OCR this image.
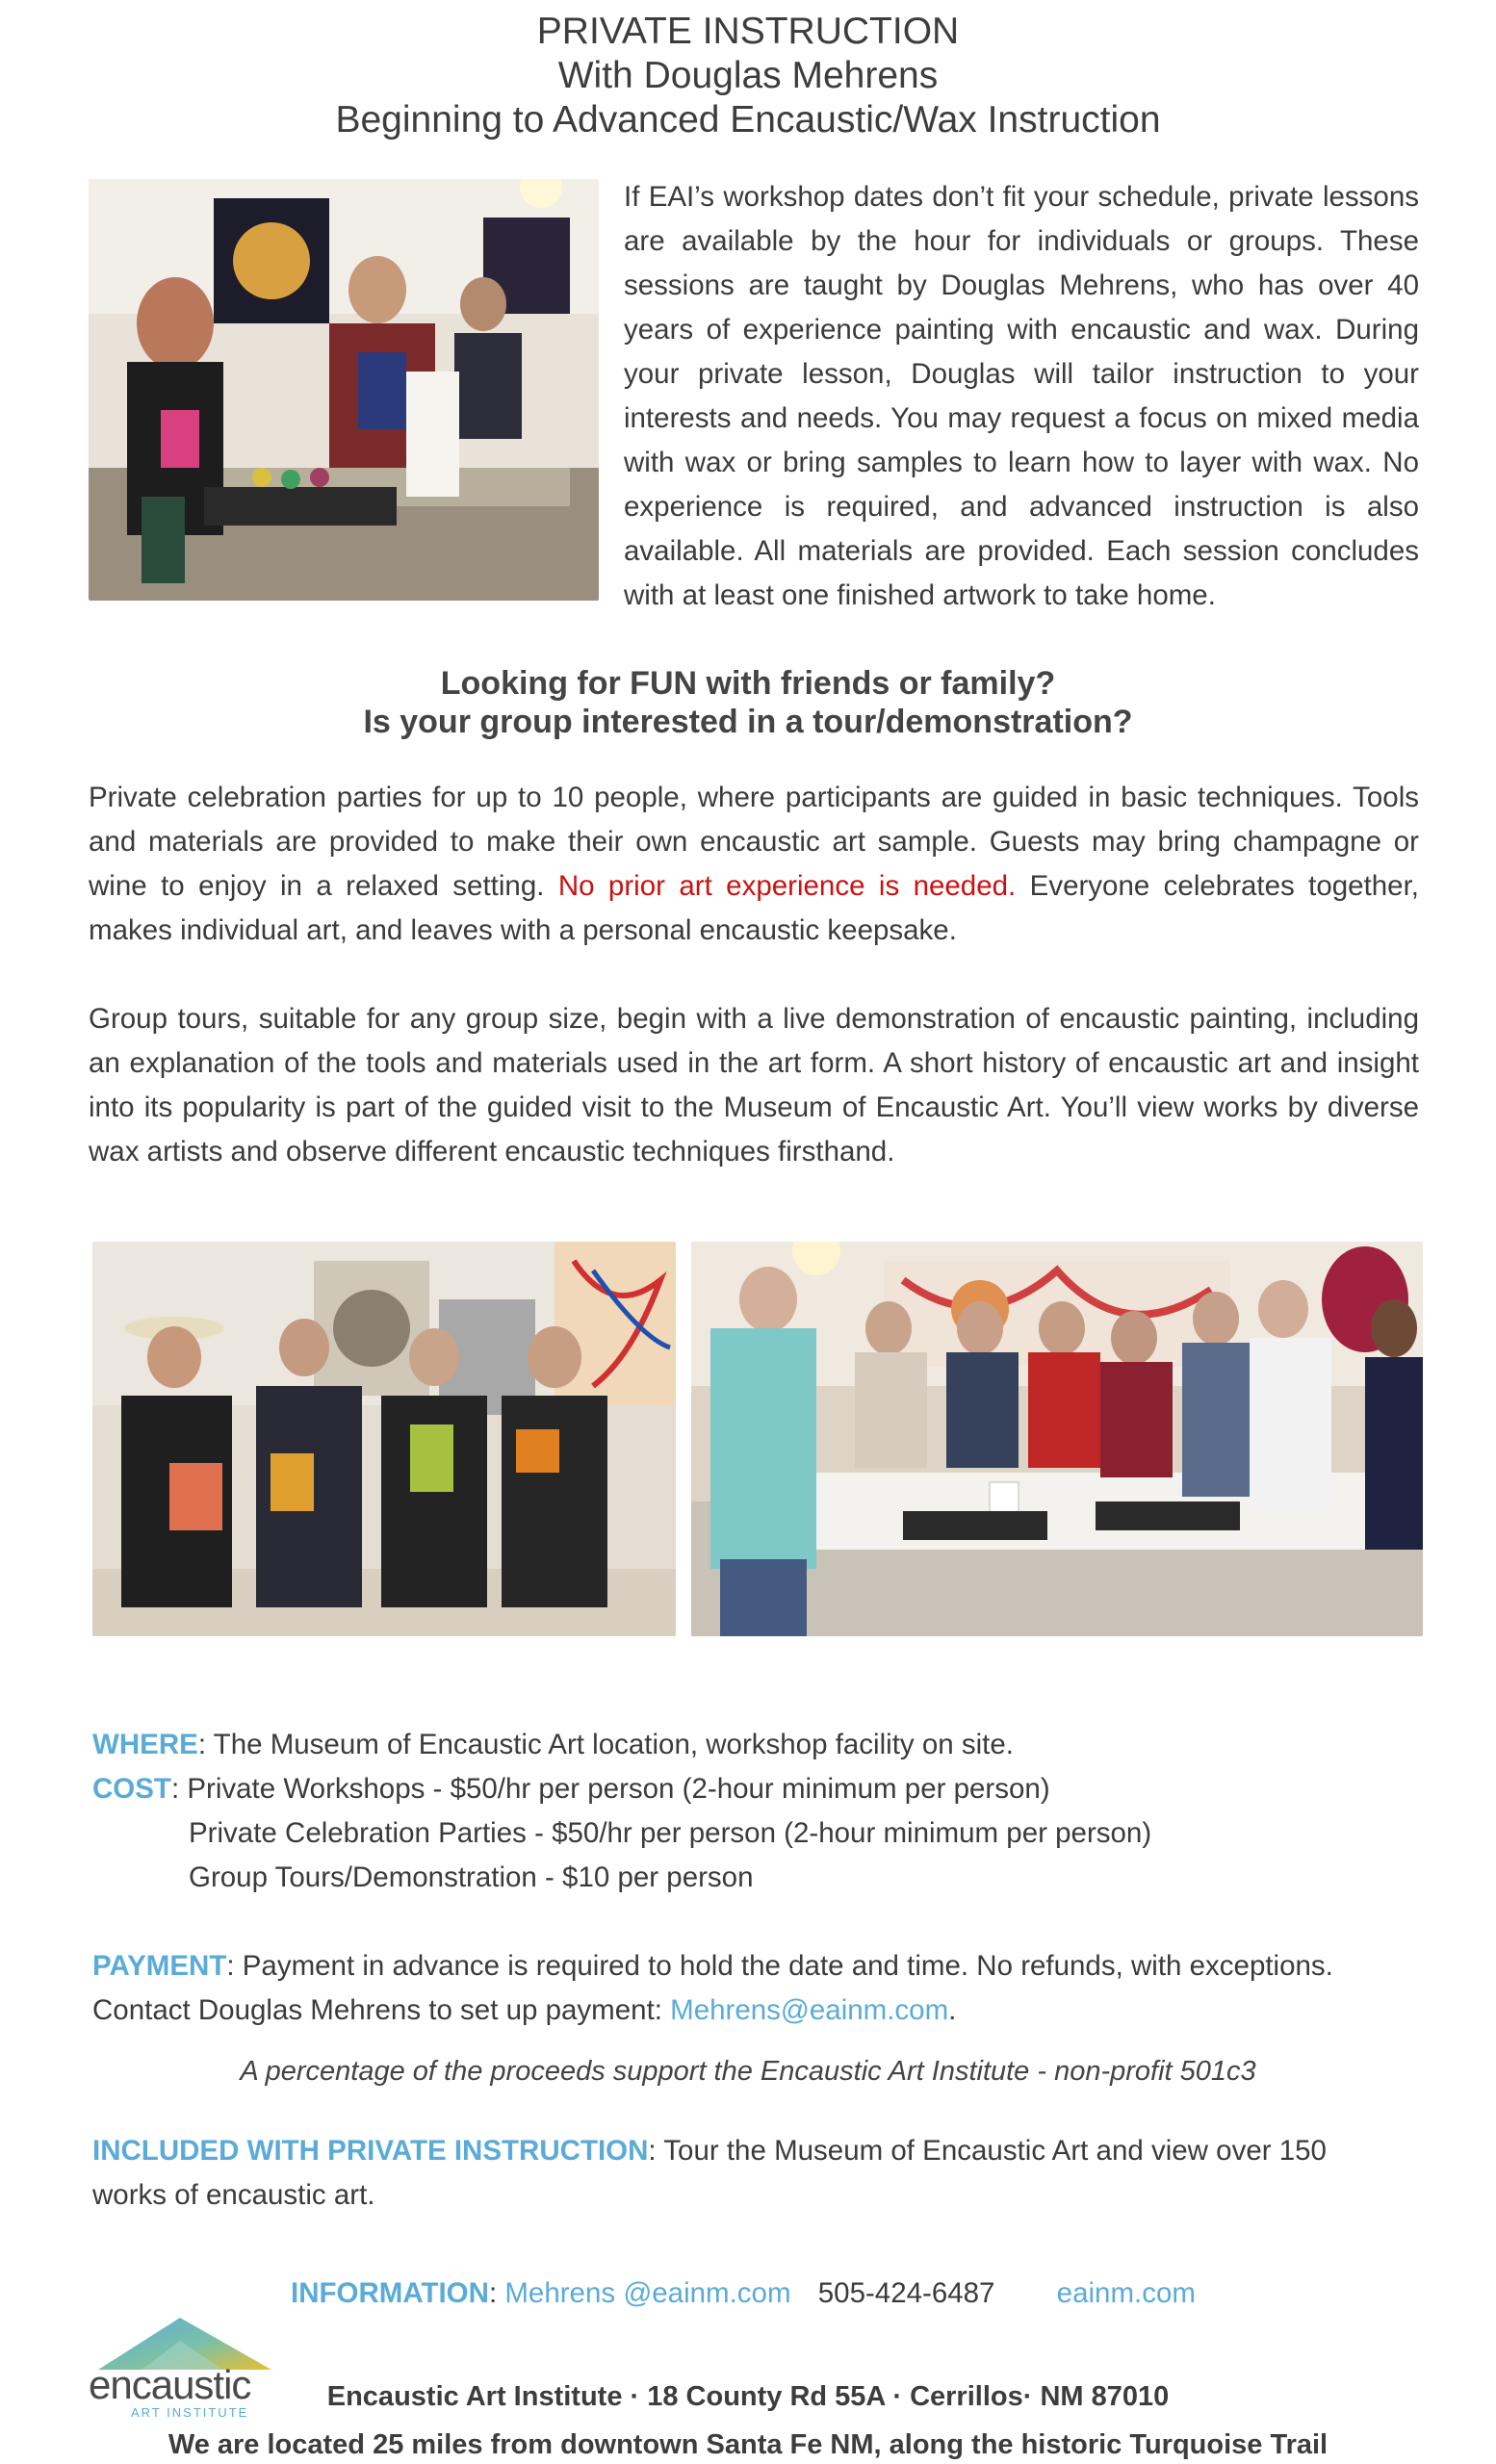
PRIVATE INSTRUCTION
With Douglas Mehrens
Beginning to Advanced Encaustic/Wax Instruction
If EAI’s workshop dates don’t fit your schedule, private lessons are available by the hour for individuals or groups. These sessions are taught by Douglas Mehrens, who has over 40 years of experience painting with encaustic and wax. During your private lesson, Douglas will tailor instruction to your interests and needs. You may request a focus on mixed media with wax or bring samples to learn how to layer with wax. No experience is required, and advanced instruction is also available. All materials are provided. Each session concludes with at least one finished artwork to take home.
Looking for FUN with friends or family?
Is your group interested in a tour/demonstration?
Private celebration parties for up to 10 people, where participants are guided in basic techniques. Tools and materials are provided to make their own encaustic art sample. Guests may bring champagne or wine to enjoy in a relaxed setting. No prior art experience is needed. Everyone celebrates together, makes individual art, and leaves with a personal encaustic keepsake.
Group tours, suitable for any group size, begin with a live demonstration of encaustic painting, including an explanation of the tools and materials used in the art form. A short history of encaustic art and insight into its popularity is part of the guided visit to the Museum of Encaustic Art. You’ll view works by diverse wax artists and observe different encaustic techniques firsthand.
WHERE: The Museum of Encaustic Art location, workshop facility on site.
COST: Private Workshops - $50/hr per person (2-hour minimum per person)
Private Celebration Parties - $50/hr per person (2-hour minimum per person)
Group Tours/Demonstration - $10 per person
PAYMENT: Payment in advance is required to hold the date and time. No refunds, with exceptions.
Contact Douglas Mehrens to set up payment: Mehrens@eainm.com.
A percentage of the proceeds support the Encaustic Art Institute - non-profit 501c3
INCLUDED WITH PRIVATE INSTRUCTION: Tour the Museum of Encaustic Art and view over 150
works of encaustic art.
INFORMATION: Mehrens @eainm.com 505-424-6487 eainm.com
encaustic
ART INSTITUTE
Encaustic Art Institute · 18 County Rd 55A · Cerrillos· NM 87010
We are located 25 miles from downtown Santa Fe NM, along the historic Turquoise Trail
